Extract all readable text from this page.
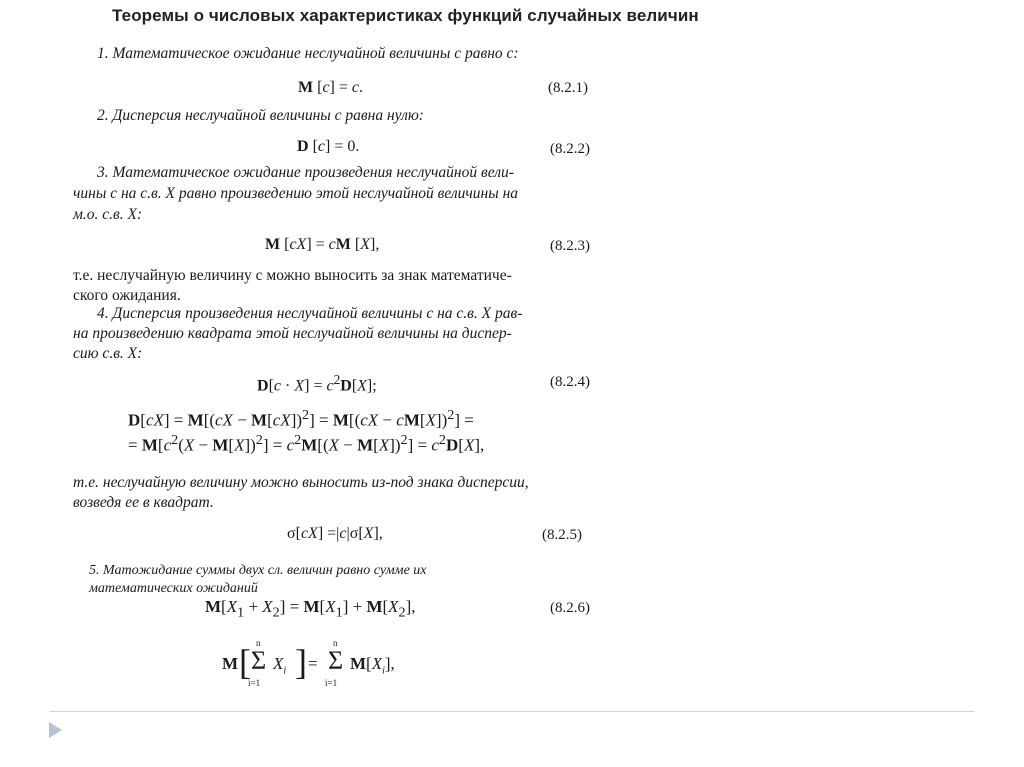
Теоремы о числовых характеристиках функций случайных величин
1. Математическое ожидание неслучайной величины с равно с:
M [c] = c.	(8.2.1)
2. Дисперсия неслучайной величины с равна нулю:
D [c] = 0.	(8.2.2)
3. Математическое ожидание произведения неслучайной вели-
чины с на с.в. X равно произведению этой неслучайной величины на
м.о. с.в. X:
M [cX] = cM [X],	(8.2.3)
т.е. неслучайную величину с можно выносить за знак математиче-
ского ожидания.
4. Дисперсия произведения неслучайной величины с на с.в. X рав-
на произведению квадрата этой неслучайной величины на диспер-
сию с.в. X:
$D[c \cdot X] = c^2D[X]$;	(8.2.4)
D[cX] = M[(cX − M[cX])$^2$] = M[(cX − cM[X])$^2$] =
= $M[c^2(X - M[X])^2] = c^2M[(X - M[X])^2] = c^2D[X]$,
т.е. неслучайную величину можно выносить из-под знака дисперсии,
возведя ее в квадрат.
σ[cX] =|c|σ[X],	(8.2.5)
5. Матожидание суммы двух сл. величин равно сумме их
математических ожиданий
$M[X_1 + X_2] = M[X_1] + M[X_2]$,	(8.2.6)
M [ n
Σ
i=1
$X_i$ ] =
n
Σ
i=1
$M[X_i]$,
